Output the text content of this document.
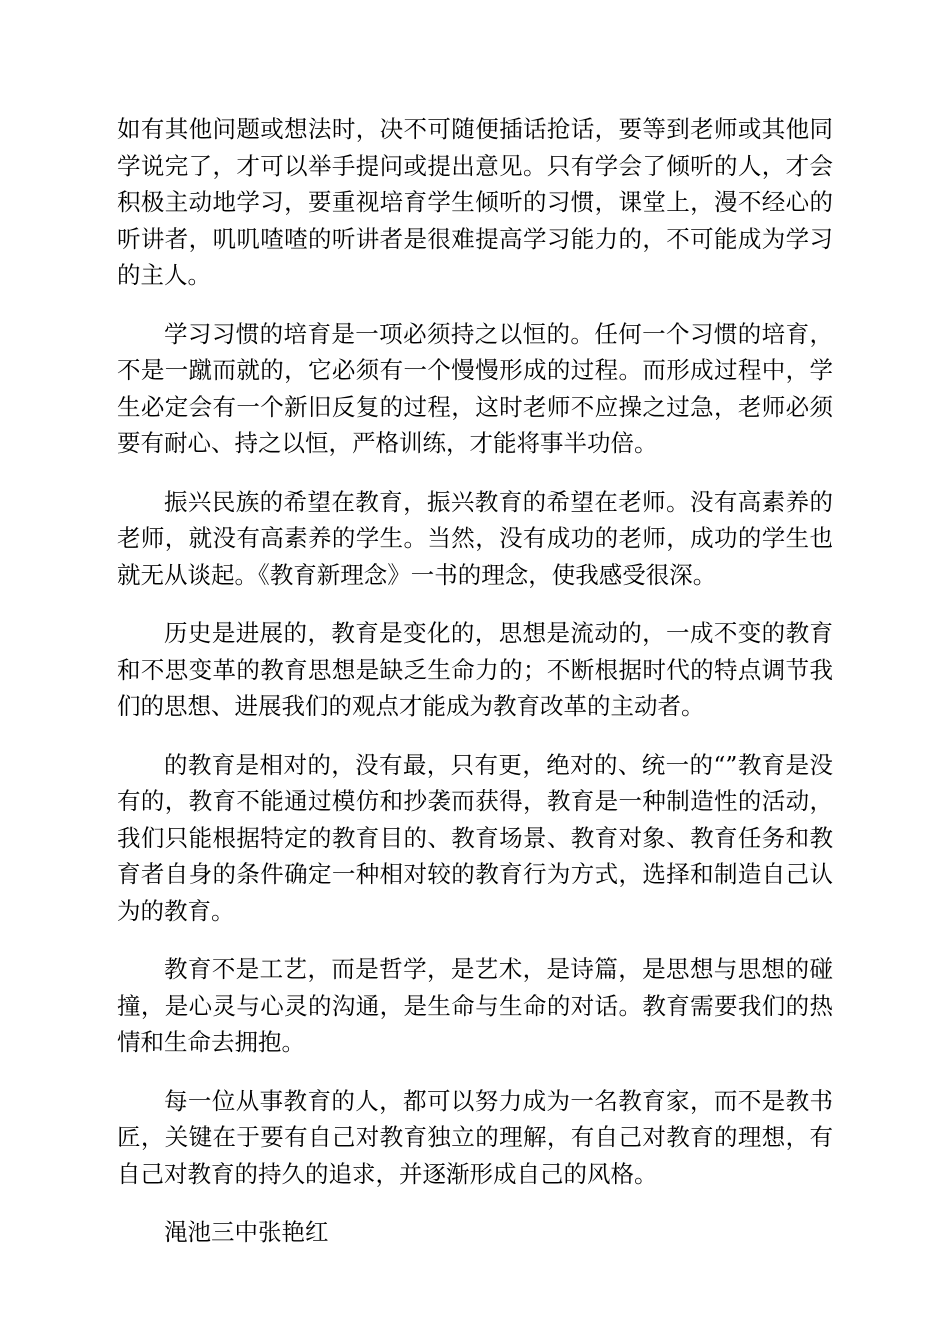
如有其他问题或想法时，决不可随便插话抢话，要等到老师或其他同学说完了，才可以举手提问或提出意见。只有学会了倾听的人，才会积极主动地学习，要重视培育学生倾听的习惯，课堂上，漫不经心的听讲者，叽叽喳喳的听讲者是很难提高学习能力的，不可能成为学习的主人。

学习习惯的培育是一项必须持之以恒的。任何一个习惯的培育，不是一蹴而就的，它必须有一个慢慢形成的过程。而形成过程中，学生必定会有一个新旧反复的过程，这时老师不应操之过急，老师必须要有耐心、持之以恒，严格训练，才能将事半功倍。

振兴民族的希望在教育，振兴教育的希望在老师。没有高素养的老师，就没有高素养的学生。当然，没有成功的老师，成功的学生也就无从谈起。《教育新理念》一书的理念，使我感受很深。

历史是进展的，教育是变化的，思想是流动的，一成不变的教育和不思变革的教育思想是缺乏生命力的；不断根据时代的特点调节我们的思想、进展我们的观点才能成为教育改革的主动者。

的教育是相对的，没有最，只有更，绝对的、统一的“”教育是没有的，教育不能通过模仿和抄袭而获得，教育是一种制造性的活动，我们只能根据特定的教育目的、教育场景、教育对象、教育任务和教育者自身的条件确定一种相对较的教育行为方式，选择和制造自己认为的教育。

教育不是工艺，而是哲学，是艺术，是诗篇，是思想与思想的碰撞，是心灵与心灵的沟通，是生命与生命的对话。教育需要我们的热情和生命去拥抱。

每一位从事教育的人，都可以努力成为一名教育家，而不是教书匠，关键在于要有自己对教育独立的理解，有自己对教育的理想，有自己对教育的持久的追求，并逐渐形成自己的风格。

渑池三中张艳红
